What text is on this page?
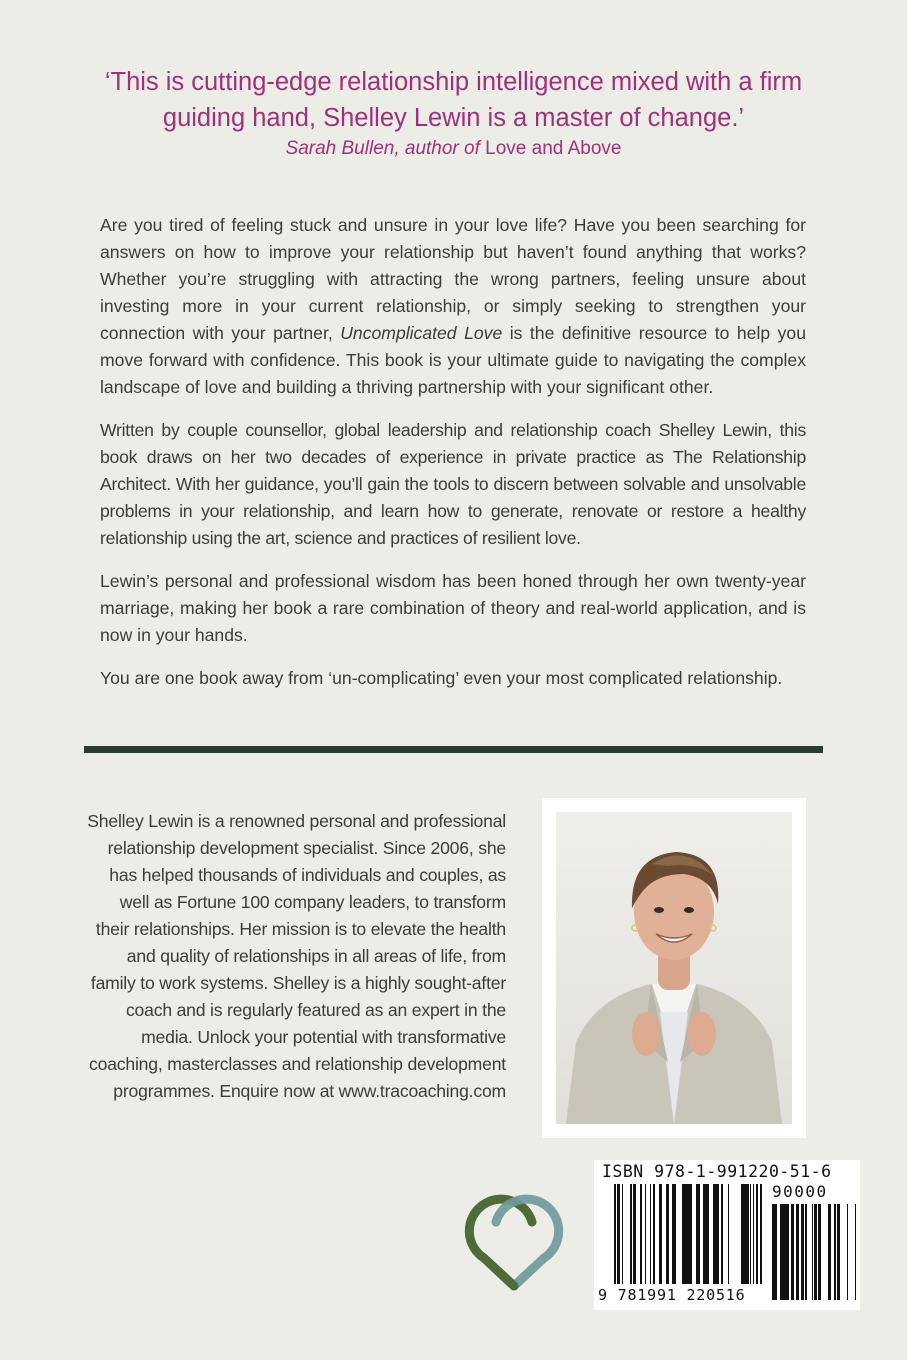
‘This is cutting-edge relationship intelligence mixed with a firm guiding hand, Shelley Lewin is a master of change.’
Sarah Bullen, author of Love and Above

Are you tired of feeling stuck and unsure in your love life? Have you been searching for answers on how to improve your relationship but haven’t found anything that works? Whether you’re struggling with attracting the wrong partners, feeling unsure about investing more in your current relationship, or simply seeking to strengthen your connection with your partner, Uncomplicated Love is the definitive resource to help you move forward with confidence. This book is your ultimate guide to navigating the complex landscape of love and building a thriving partnership with your significant other.

Written by couple counsellor, global leadership and relationship coach Shelley Lewin, this book draws on her two decades of experience in private practice as The Relationship Architect. With her guidance, you’ll gain the tools to discern between solvable and unsolvable problems in your relationship, and learn how to generate, renovate or restore a healthy relationship using the art, science and practices of resilient love.

Lewin’s personal and professional wisdom has been honed through her own twenty-year marriage, making her book a rare combination of theory and real-world application, and is now in your hands.

You are one book away from ‘un-complicating’ even your most complicated relationship.

Shelley Lewin is a renowned personal and professional relationship development specialist. Since 2006, she has helped thousands of individuals and couples, as well as Fortune 100 company leaders, to transform their relationships. Her mission is to elevate the health and quality of relationships in all areas of life, from family to work systems. Shelley is a highly sought-after coach and is regularly featured as an expert in the media. Unlock your potential with transformative coaching, masterclasses and relationship development programmes. Enquire now at www.tracoaching.com
ISBN 978-1-991220-51-6
90000
9 781991 220516
